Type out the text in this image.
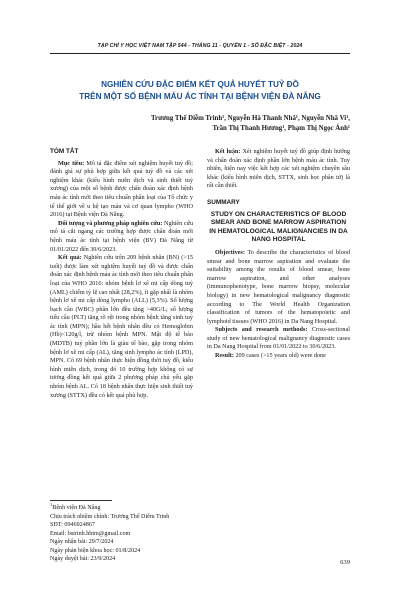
TẠP CHÍ Y HỌC VIỆT NAM TẬP 544 - THÁNG 11 - QUYỂN 1 - SỐ ĐẶC BIỆT - 2024
NGHIÊN CỨU ĐẶC ĐIỂM KẾT QUẢ HUYẾT TUỶ ĐỒ
TRÊN MỘT SỐ BỆNH MÁU ÁC TÍNH TẠI BỆNH VIỆN ĐÀ NẴNG
Trương Thế Diễm Trinh¹, Nguyễn Hà Thanh Nhã¹, Nguyễn Nhã Vi¹,
Trần Thị Thanh Hương¹, Phạm Thị Ngọc Ánh¹
TÓM TẮT

Mục tiêu: Mô tả đặc điểm xét nghiệm huyết tuỷ đồ; đánh giá sự phù hợp giữa kết quả tuỷ đồ và các xét nghiệm khác (kiểu hình miễn dịch và sinh thiết tuỷ xương) của một số bệnh được chẩn đoán xác định bệnh máu ác tính mới theo tiêu chuẩn phân loại của Tổ chức y tế thế giới về u hệ tạo máu và cơ quan lympho (WHO 2016) tại Bệnh viện Đà Nẵng.

Đối tượng và phương pháp nghiên cứu: Nghiên cứu mô tả cắt ngang các trường hợp được chẩn đoán mới bệnh máu ác tính tại bệnh viện (BV) Đà Nẵng từ 01/01/2022 đến 30/6/2023.

Kết quả: Nghiên cứu trên 209 bệnh nhân (BN) (>15 tuổi) được làm xét nghiệm huyết tuỷ đồ và được chẩn đoán xác định bệnh máu ác tính mới theo tiêu chuẩn phân loại của WHO 2016: nhóm bệnh lơ xê mi cấp dòng tuỷ (AML) chiếm tỷ lệ cao nhất (28,2%), ít gặp nhất là nhóm bệnh lơ xê mi cấp dòng lympho (ALL) (5,3%). Số lượng bạch cầu (WBC) phần lớn đều tăng >40G/L; số lượng tiểu cầu (PLT) tăng rõ rệt trong nhóm bệnh tăng sinh tuỷ ác tính (MPN); hầu hết bệnh nhân đều có Hemoglobin (Hb)<120g/l, trừ nhóm bệnh MPN. Mật độ tế bào (MDTB) tuỷ phần lớn là giàu tế bào, gặp trong nhóm bệnh lơ xê mi cấp (AL), tăng sinh lympho ác tính (LPD), MPN. Có 69 bệnh nhân thực hiện đồng thời tuỷ đồ, kiểu hình miễn dịch, trong đó 10 trường hợp không có sự tương đồng kết quả giữa 2 phương pháp chủ yếu gặp nhóm bệnh AL. Có 18 bệnh nhân thực hiện sinh thiết tuỷ xương (STTX) đều có kết quả phù hợp.

$^1$Bệnh viện Đà Nẵng
Chịu trách nhiệm chính: Trương Thế Diễm Trinh
SĐT: 0946924867
Email: bstrinh.hhtm@gmail.com
Ngày nhận bài: 29/7/2024
Ngày phản biện khoa học: 01/8/2024
Ngày duyệt bài: 23/9/2024

Kết luận: Xét nghiệm huyết tuỷ đồ giúp định hướng và chẩn đoán xác định phần lớn bệnh máu ác tính. Tuy nhiên, hiện nay việc kết hợp các xét nghiệm chuyên sâu khác (kiểu hình miễn dịch, STTX, sinh học phân tử) là rất cần thiết.

SUMMARY
STUDY ON CHARACTERISTICS OF BLOOD SMEAR AND BONE MARROW ASPIRATION IN HEMATOLOGICAL MALIGNANCIES IN DA NANG HOSPITAL

Objectives: To describe the characteristics of blood smear and bone marrow aspiration and evaluate the suitability among the results of blood smear, bone marrow aspiration, and other analyses (immunophenotype, bone marrow biopsy, molecular biology) in new hematological malignancy diagnostic according to The World Health Organization classification of tumors of the hematopoietic and lymphoid tissues (WHO 2016) in Da Nang Hospital.

Subjects and research methods: Cross-sectional study of new hematological malignancy diagnostic cases in Da Nang Hospital from 01/01/2022 to 30/6/2023.

Result: 209 cases (>15 years old) were done

639
